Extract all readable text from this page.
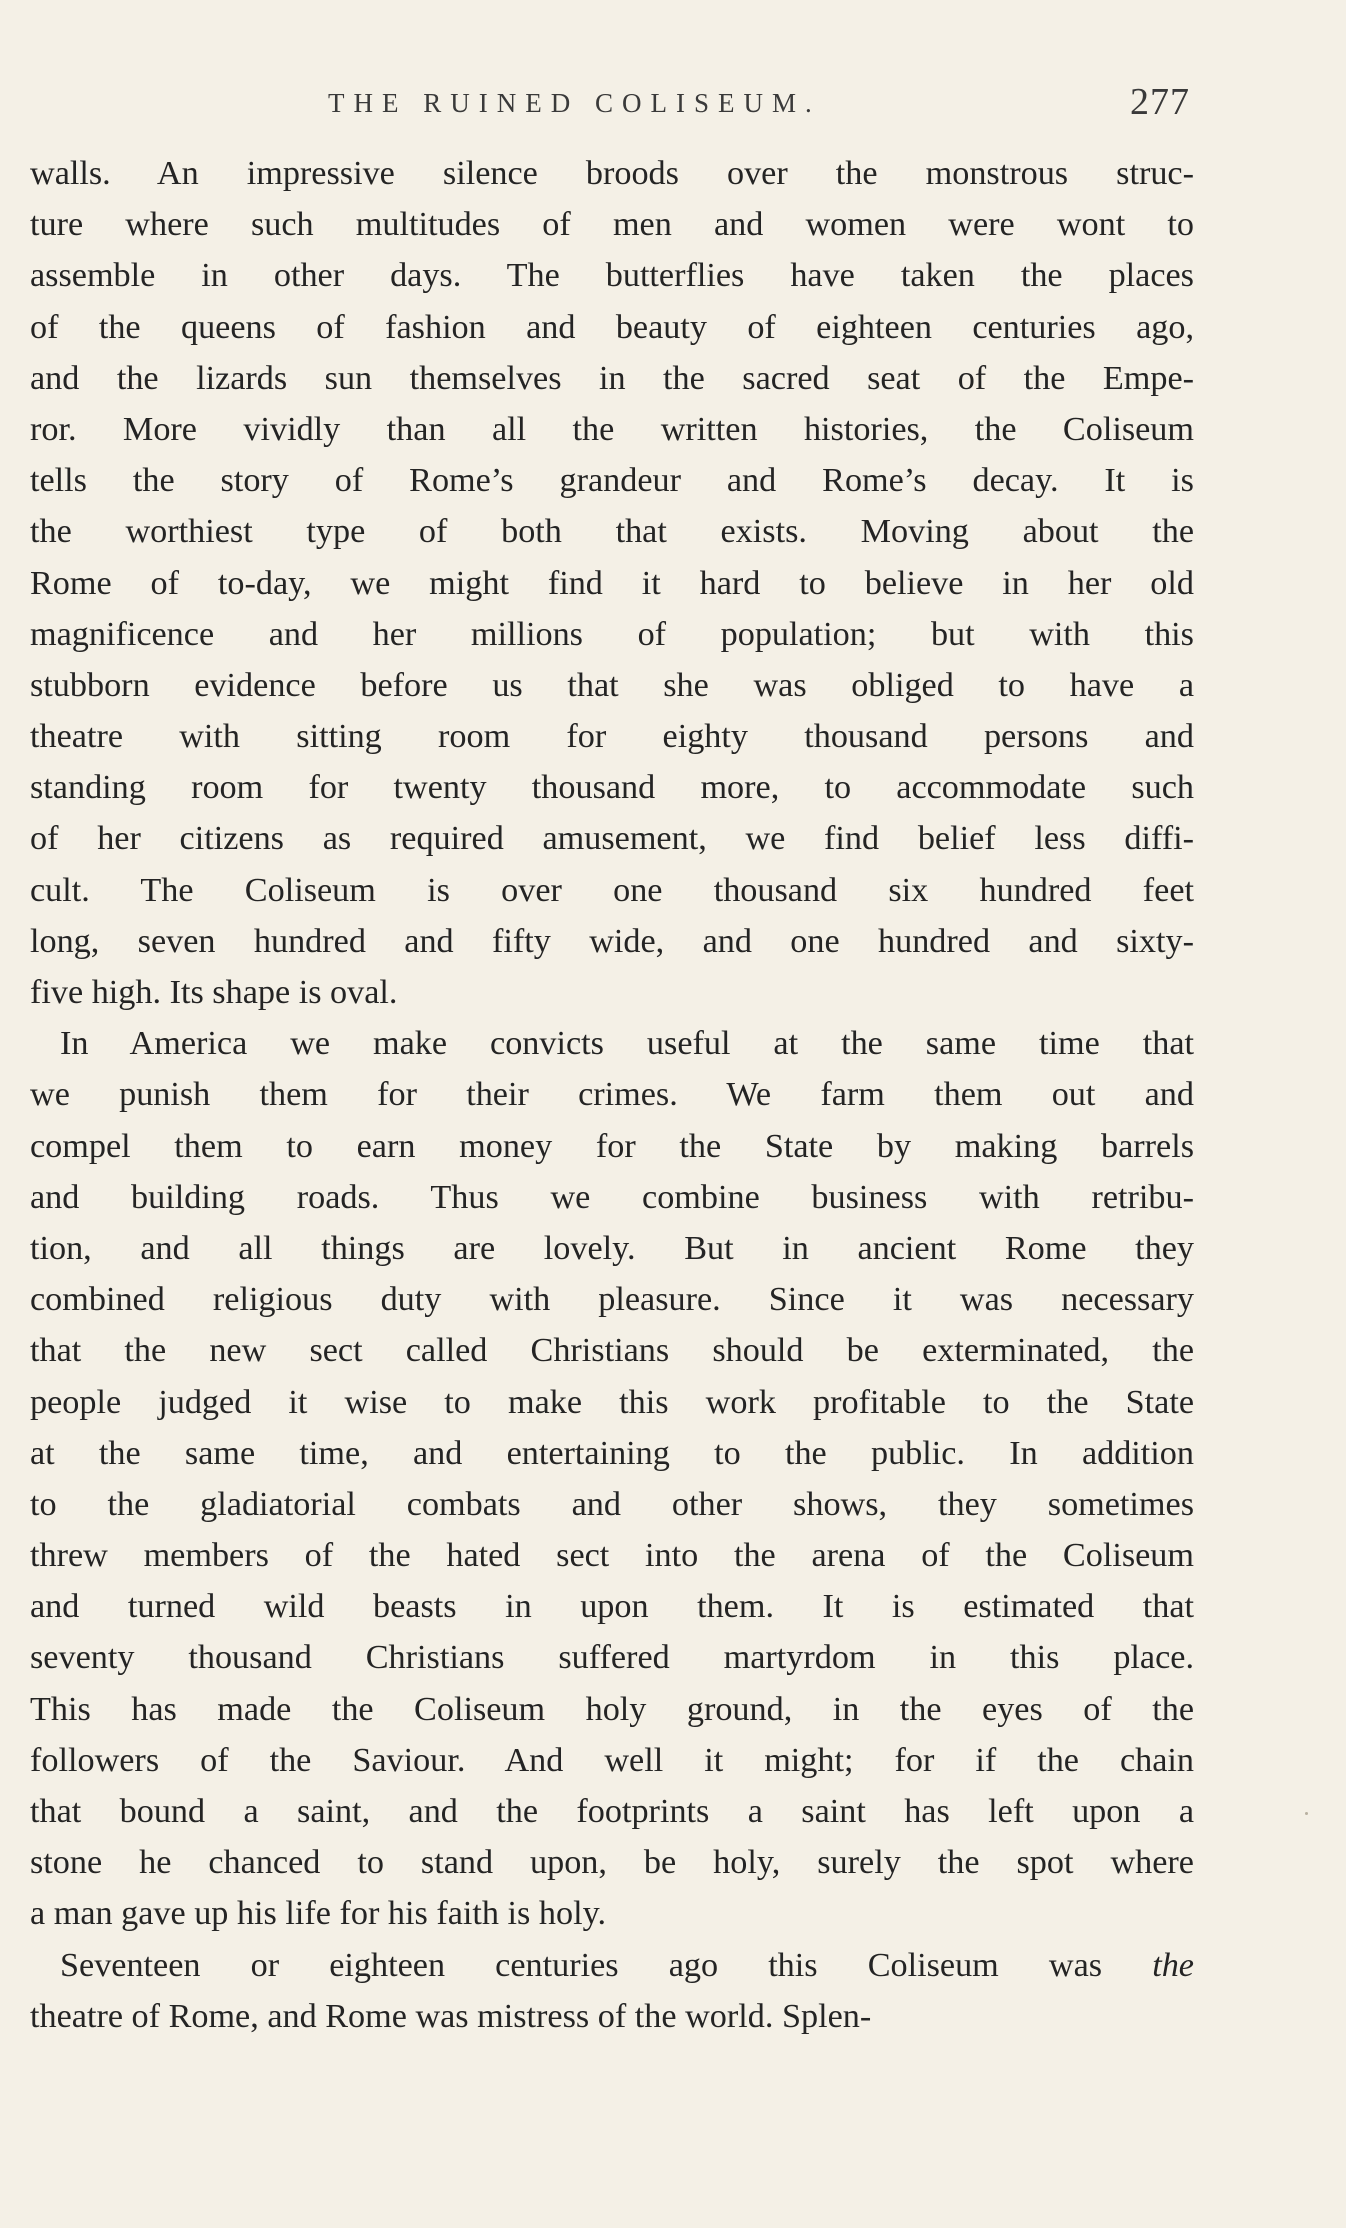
THE RUINED COLISEUM.	277
walls. An impressive silence broods over the monstrous struc-
ture where such multitudes of men and women were wont to
assemble in other days. The butterflies have taken the places
of the queens of fashion and beauty of eighteen centuries ago,
and the lizards sun themselves in the sacred seat of the Empe-
ror. More vividly than all the written histories, the Coliseum
tells the story of Rome’s grandeur and Rome’s decay. It is
the worthiest type of both that exists. Moving about the
Rome of to-day, we might find it hard to believe in her old
magnificence and her millions of population; but with this
stubborn evidence before us that she was obliged to have a
theatre with sitting room for eighty thousand persons and
standing room for twenty thousand more, to accommodate such
of her citizens as required amusement, we find belief less diffi-
cult. The Coliseum is over one thousand six hundred feet
long, seven hundred and fifty wide, and one hundred and sixty-
five high. Its shape is oval.
In America we make convicts useful at the same time that
we punish them for their crimes. We farm them out and
compel them to earn money for the State by making barrels
and building roads. Thus we combine business with retribu-
tion, and all things are lovely. But in ancient Rome they
combined religious duty with pleasure. Since it was necessary
that the new sect called Christians should be exterminated, the
people judged it wise to make this work profitable to the State
at the same time, and entertaining to the public. In addition
to the gladiatorial combats and other shows, they sometimes
threw members of the hated sect into the arena of the Coliseum
and turned wild beasts in upon them. It is estimated that
seventy thousand Christians suffered martyrdom in this place.
This has made the Coliseum holy ground, in the eyes of the
followers of the Saviour. And well it might; for if the chain
that bound a saint, and the footprints a saint has left upon a
stone he chanced to stand upon, be holy, surely the spot where
a man gave up his life for his faith is holy.
Seventeen or eighteen centuries ago this Coliseum was the
theatre of Rome, and Rome was mistress of the world. Splen-
